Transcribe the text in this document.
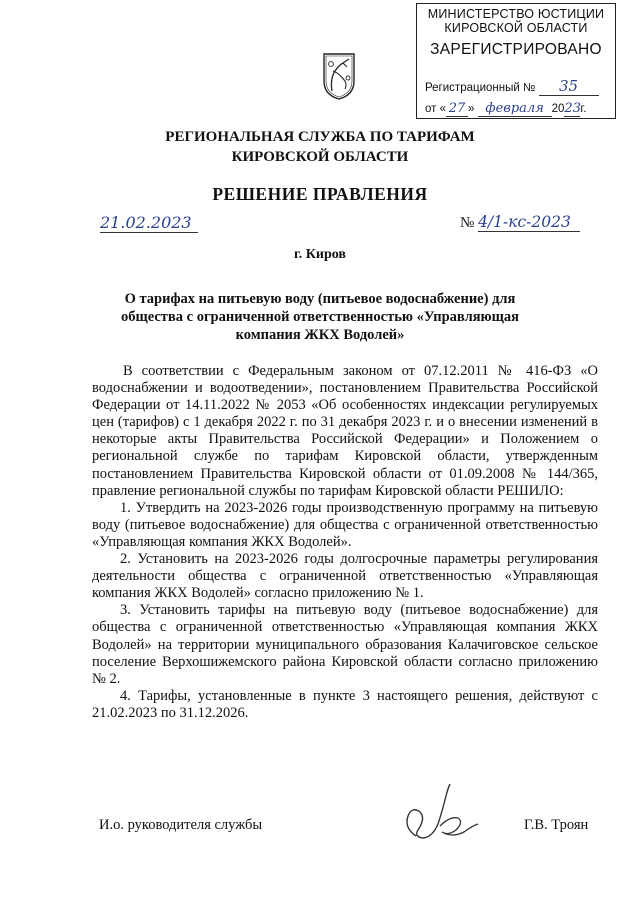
МИНИСТЕРСТВО ЮСТИЦИИ
КИРОВСКОЙ ОБЛАСТИ
ЗАРЕГИСТРИРОВАНО
Регистрационный № 35
от « 27 » февраля 2023г.
РЕГИОНАЛЬНАЯ СЛУЖБА ПО ТАРИФАМ
КИРОВСКОЙ ОБЛАСТИ
РЕШЕНИЕ ПРАВЛЕНИЯ
21.02.2023	№ 4/1-кс-2023
г. Киров
О тарифах на питьевую воду (питьевое водоснабжение) для
общества с ограниченной ответственностью «Управляющая
компания ЖКХ Водолей»

В соответствии с Федеральным законом от 07.12.2011 № 416-ФЗ «О водоснабжении и водоотведении», постановлением Правительства Российской Федерации от 14.11.2022 № 2053 «Об особенностях индексации регулируемых цен (тарифов) с 1 декабря 2022 г. по 31 декабря 2023 г. и о внесении изменений в некоторые акты Правительства Российской Федерации» и Положением о региональной службе по тарифам Кировской области, утвержденным постановлением Правительства Кировской области от 01.09.2008 № 144/365, правление региональной службы по тарифам Кировской области РЕШИЛО:

1. Утвердить на 2023-2026 годы производственную программу на питьевую воду (питьевое водоснабжение) для общества с ограниченной ответственностью «Управляющая компания ЖКХ Водолей».

2. Установить на 2023-2026 годы долгосрочные параметры регулирования деятельности общества с ограниченной ответственностью «Управляющая компания ЖКХ Водолей» согласно приложению № 1.

3. Установить тарифы на питьевую воду (питьевое водоснабжение) для общества с ограниченной ответственностью «Управляющая компания ЖКХ Водолей» на территории муниципального образования Калачиговское сельское поселение Верхошижемского района Кировской области согласно приложению № 2.

4. Тарифы, установленные в пункте 3 настоящего решения, действуют с 21.02.2023 по 31.12.2026.

И.о. руководителя службы	Г.В. Троян
